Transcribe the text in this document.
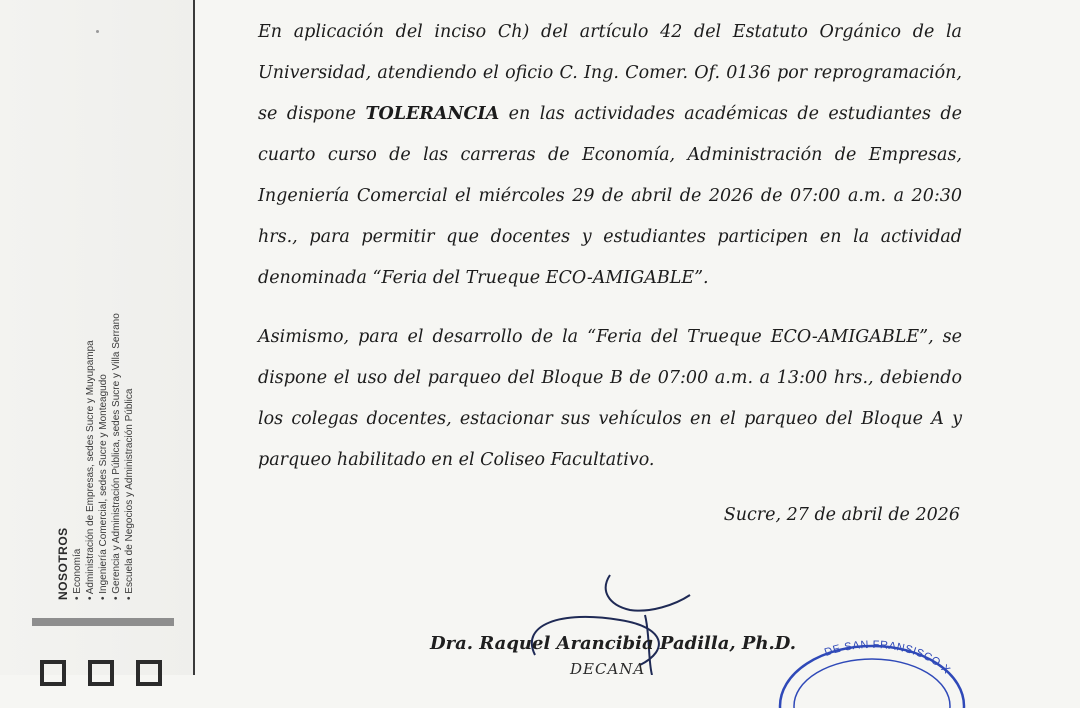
NOSOTROS • Economía • Administración de Empresas, sedes Sucre y Muyupampa • Ingeniería Comercial, sedes Sucre y Monteagudo • Gerencia y Administración Pública, sedes Sucre y Villa Serrano • Escuela de Negocios y Administración Pública

En aplicación del inciso Ch) del artículo 42 del Estatuto Orgánico de la Universidad, atendiendo el oficio C. Ing. Comer. Of. 0136 por reprogramación, se dispone TOLERANCIA en las actividades académicas de estudiantes de cuarto curso de las carreras de Economía, Administración de Empresas, Ingeniería Comercial el miércoles 29 de abril de 2026 de 07:00 a.m. a 20:30 hrs., para permitir que docentes y estudiantes participen en la actividad denominada “Feria del Trueque ECO-AMIGABLE”.

Asimismo, para el desarrollo de la “Feria del Trueque ECO-AMIGABLE”, se dispone el uso del parqueo del Bloque B de 07:00 a.m. a 13:00 hrs., debiendo los colegas docentes, estacionar sus vehículos en el parqueo del Bloque A y parqueo habilitado en el Coliseo Facultativo.

Sucre, 27 de abril de 2026
Dra. Raquel Arancibia Padilla, Ph.D.
DECANA
DE SAN FRANSISCO X
